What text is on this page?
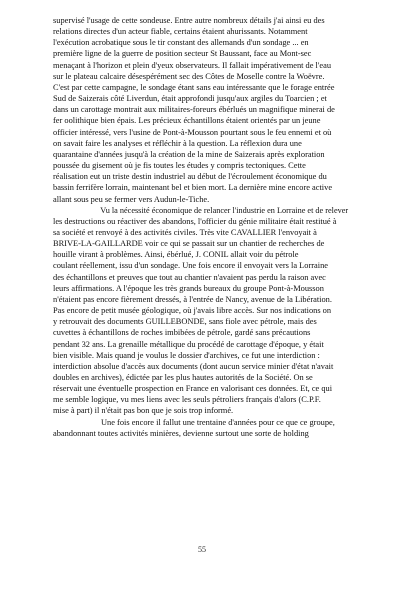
supervisé l'usage de cette sondeuse. Entre autre nombreux détails j'ai ainsi eu des
relations directes d'un acteur fiable, certains étaient ahurissants. Notamment
l'exécution acrobatique sous le tir constant des allemands d'un sondage ... en
première ligne de la guerre de position secteur St Baussant, face au Mont-sec
menaçant à l'horizon et plein d'yeux observateurs. Il fallait impérativement de l'eau
sur le plateau calcaire désespérément sec des Côtes de Moselle contre la Woëvre.
C'est par cette campagne, le sondage étant sans eau intéressante que le forage entrée
Sud de Saizerais côté Liverdun, était approfondi jusqu'aux argiles du Toarcien ; et
dans un carottage montrait aux militaires-foreurs ébérlués un magnifique minerai de
fer oolithique bien épais. Les précieux échantillons étaient orientés par un jeune
officier intéressé, vers l'usine de Pont-à-Mousson pourtant sous le feu ennemi et où
on savait faire les analyses et réfléchir à la question. La réflexion dura une
quarantaine d'années jusqu'à la création de la mine de Saizerais après exploration
poussée du gisement où je fis toutes les études y compris tectoniques. Cette
réalisation eut un triste destin industriel au début de l'écroulement économique du
bassin ferrifère lorrain, maintenant bel et bien mort. La dernière mine encore active
allant sous peu se fermer vers Audun-le-Tiche.

Vu la nécessité économique de relancer l'industrie en Lorraine et de relever
les destructions ou réactiver des abandons, l'officier du génie militaire était restitué à
sa société et renvoyé à des activités civiles. Très vite CAVALLIER l'envoyait à
BRIVE-LA-GAILLARDE voir ce qui se passait sur un chantier de recherches de
houille virant à problèmes. Ainsi, ébérlué, J. CONIL allait voir du pétrole
coulant réellement, issu d'un sondage. Une fois encore il envoyait vers la Lorraine
des échantillons et preuves que tout au chantier n'avaient pas perdu la raison avec
leurs affirmations. A l'époque les très grands bureaux du groupe Pont-à-Mousson
n'étaient pas encore fièrement dressés, à l'entrée de Nancy, avenue de la Libération.
Pas encore de petit musée géologique, où j'avais libre accès. Sur nos indications on
y retrouvait des documents GUILLEBONDE, sans fiole avec pétrole, mais des
cuvettes à échantillons de roches imbibées de pétrole, gardé sans précautions
pendant 32 ans. La grenaille métallique du procédé de carottage d'époque, y était
bien visible. Mais quand je voulus le dossier d'archives, ce fut une interdiction :
interdiction absolue d'accès aux documents (dont aucun service minier d'état n'avait
doubles en archives), édictée par les plus hautes autorités de la Société. On se
réservait une éventuelle prospection en France en valorisant ces données. Et, ce qui
me semble logique, vu mes liens avec les seuls pétroliers français d'alors (C.P.F.
mise à part) il n'était pas bon que je sois trop informé.

Une fois encore il fallut une trentaine d'années pour ce que ce groupe,
abandonnant toutes activités minières, devienne surtout une sorte de holding

55
